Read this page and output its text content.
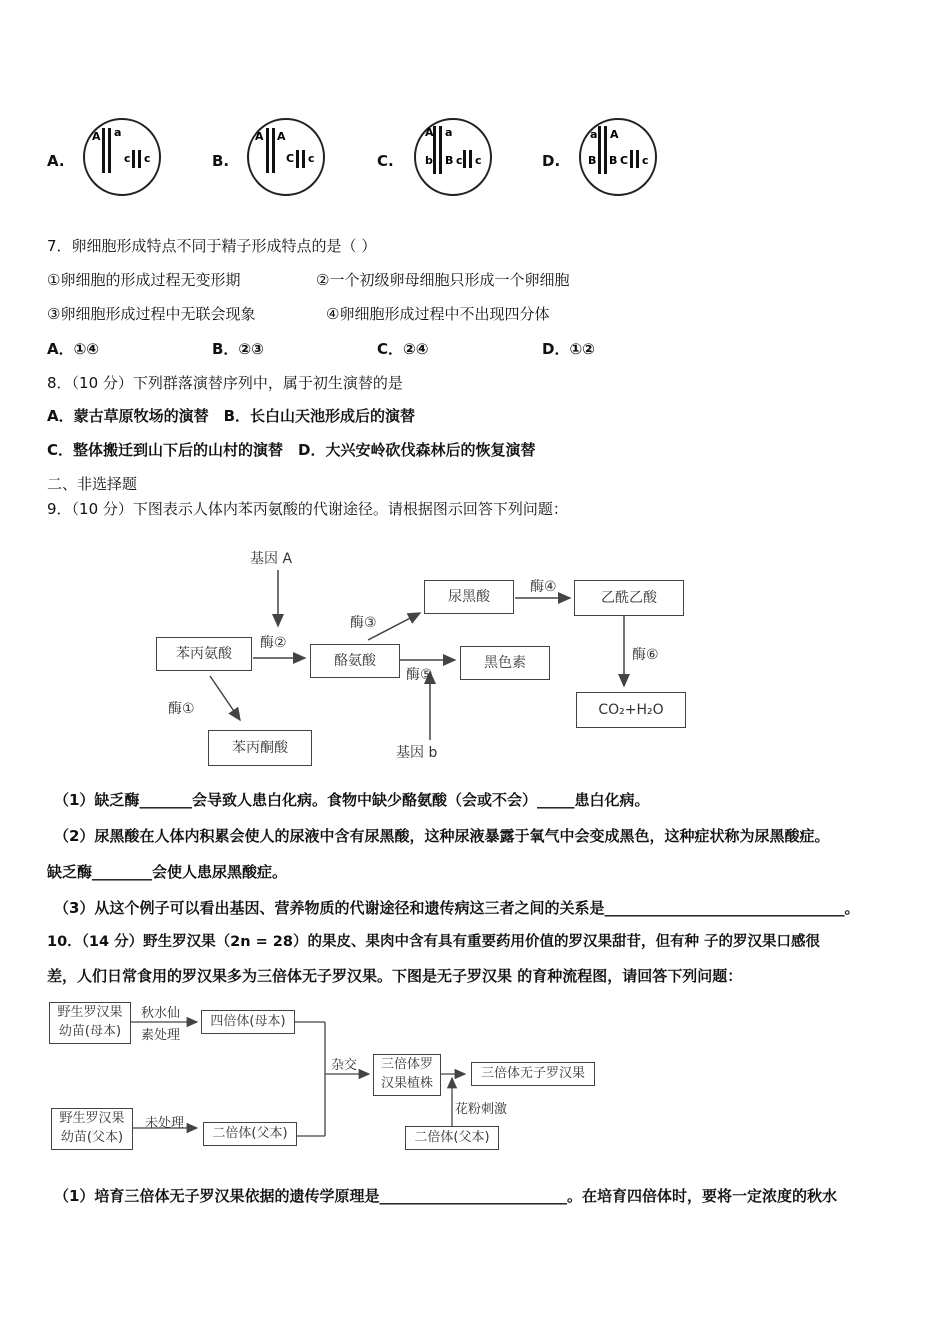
A.	B.	C.	D.
A a
c c
A A
C c
A a
b B c c
a A
B B C c
7．卵细胞形成特点不同于精子形成特点的是（ ）
①卵细胞的形成过程无变形期	②一个初级卵母细胞只形成一个卵细胞
③卵细胞形成过程中无联会现象	④卵细胞形成过程中不出现四分体
A．①④	B．②③	C．②④	D．①②
8．（10 分）下列群落演替序列中，属于初生演替的是
A．蒙古草原牧场的演替　B．长白山天池形成后的演替
C．整体搬迁到山下后的山村的演替　D．大兴安岭砍伐森林后的恢复演替
二、非选择题
9．（10 分）下图表示人体内苯丙氨酸的代谢途径。请根据图示回答下列问题：
基因 A
苯丙氨酸	酪氨酸
尿黑酸
黑色素
乙酰乙酸
CO₂+H₂O
苯丙酮酸	基因 b
酶①
酶②
酶③
酶④
酶⑤
酶⑥
（1）缺乏酶_______会导致人患白化病。食物中缺少酪氨酸（会或不会）_____患白化病。
（2）尿黑酸在人体内积累会使人的尿液中含有尿黑酸，这种尿液暴露于氧气中会变成黑色，这种症状称为尿黑酸症。
缺乏酶________会使人患尿黑酸症。
（3）从这个例子可以看出基因、营养物质的代谢途径和遗传病这三者之间的关系是________________________________。
10．（14 分）野生罗汉果（2n = 28）的果皮、果肉中含有具有重要药用价值的罗汉果甜苷，但有种 子的罗汉果口感很
差，人们日常食用的罗汉果多为三倍体无子罗汉果。下图是无子罗汉果 的育种流程图，请回答下列问题：
野生罗汉果
幼苗(母本)
秋水仙
素处理
四倍体(母本)
野生罗汉果
幼苗(父本)
未处理
二倍体(父本)
杂交	三倍体罗
汉果植株
三倍体无子罗汉果
花粉刺激
二倍体(父本)
（1）培育三倍体无子罗汉果依据的遗传学原理是_________________________。在培育四倍体时，要将一定浓度的秋水
